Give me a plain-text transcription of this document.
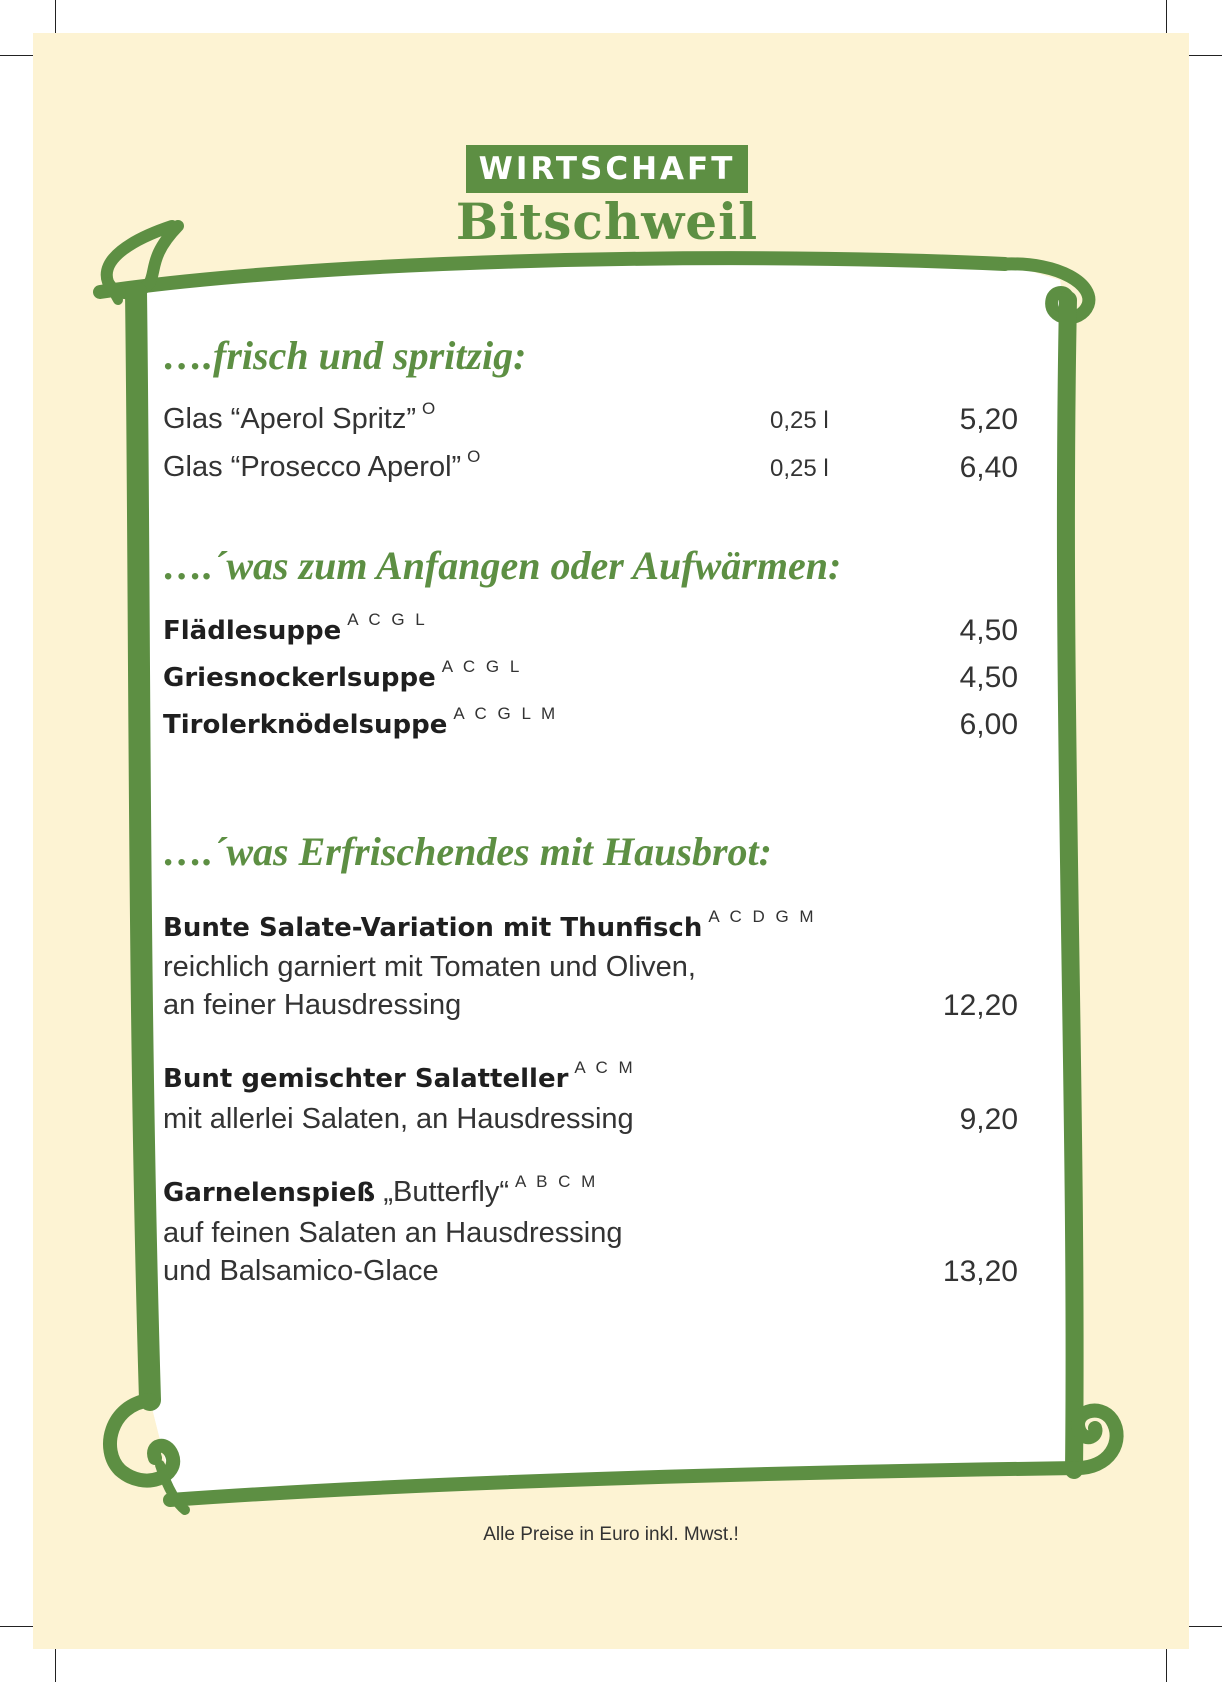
WIRTSCHAFT
Bitschweil
….frisch und spritzig:
Glas “Aperol Spritz” $^O$	0,25 l	5,20
Glas “Prosecco Aperol” $^O$	0,25 l	6,40
….´was zum Anfangen oder Aufwärmen:
Flädlesuppe $^{A C G L}$	4,50
Griesnockerlsuppe $^{A C G L}$	4,50
Tirolerknödelsuppe $^{A C G L M}$	6,00
….´was Erfrischendes mit Hausbrot:
Bunte Salate-Variation mit Thunfisch $^{A C D G M}$
reichlich garniert mit Tomaten und Oliven,
an feiner Hausdressing	12,20
Bunt gemischter Salatteller $^{A C M}$
mit allerlei Salaten, an Hausdressing	9,20
Garnelenspieß „Butterfly“ $^{A B C M}$
auf feinen Salaten an Hausdressing
und Balsamico-Glace	13,20
Alle Preise in Euro inkl. Mwst.!
